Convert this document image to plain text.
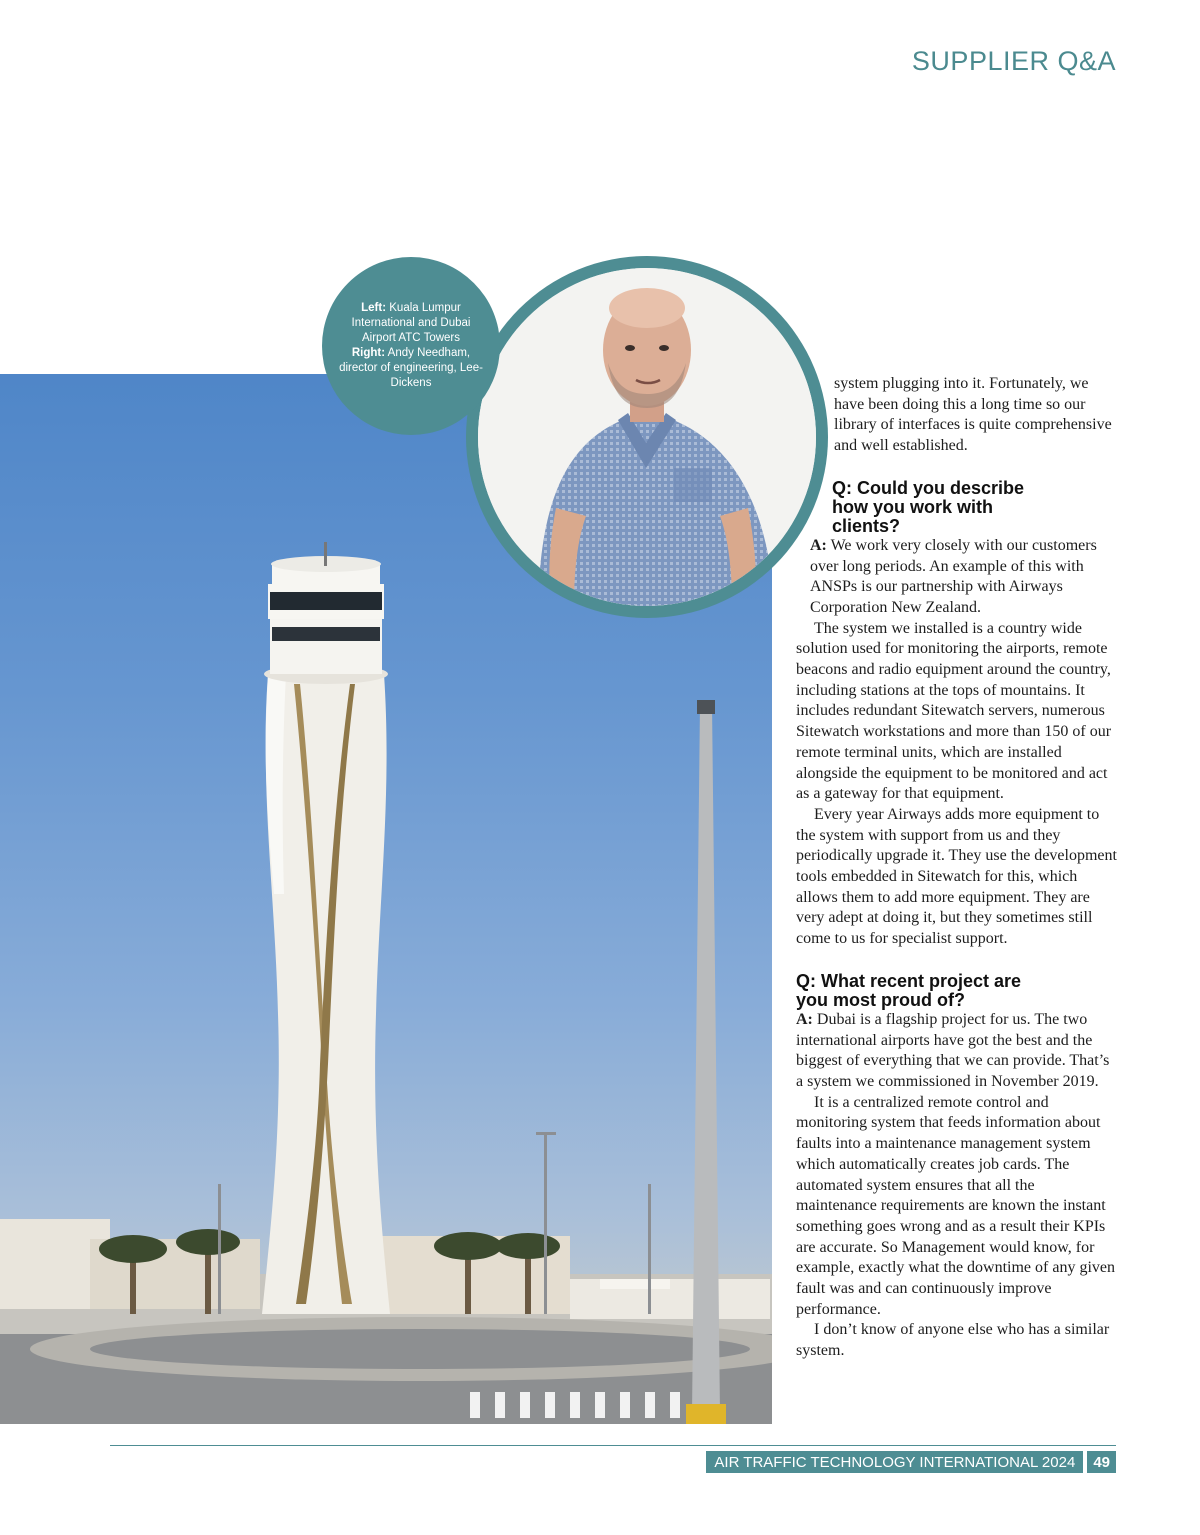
SUPPLIER Q&A
Left: Kuala Lumpur International and Dubai Airport ATC Towers
Right: Andy Needham, director of engineering, Lee-Dickens	system plugging into it. Fortunately, we have been doing this a long time so our library of interfaces is quite comprehensive and well established.

Q: Could you describe how you work with clients?

A: We work very closely with our customers over long periods. An example of this with ANSPs is our partnership with Airways Corporation New Zealand.

The system we installed is a country wide solution used for monitoring the airports, remote beacons and radio equipment around the country, including stations at the tops of mountains. It includes redundant Sitewatch servers, numerous Sitewatch workstations and more than 150 of our remote terminal units, which are installed alongside the equipment to be monitored and act as a gateway for that equipment.

Every year Airways adds more equipment to the system with support from us and they periodically upgrade it. They use the development tools embedded in Sitewatch for this, which allows them to add more equipment. They are very adept at doing it, but they sometimes still come to us for specialist support.

Q: What recent project are you most proud of?

A: Dubai is a flagship project for us. The two international airports have got the best and the biggest of everything that we can provide. That’s a system we commissioned in November 2019.

It is a centralized remote control and monitoring system that feeds information about faults into a maintenance management system which automatically creates job cards. The automated system ensures that all the maintenance requirements are known the instant something goes wrong and as a result their KPIs are accurate. So Management would know, for example, exactly what the downtime of any given fault was and can continuously improve performance.

I don’t know of anyone else who has a similar system.

AIR TRAFFIC TECHNOLOGY INTERNATIONAL 2024	49
